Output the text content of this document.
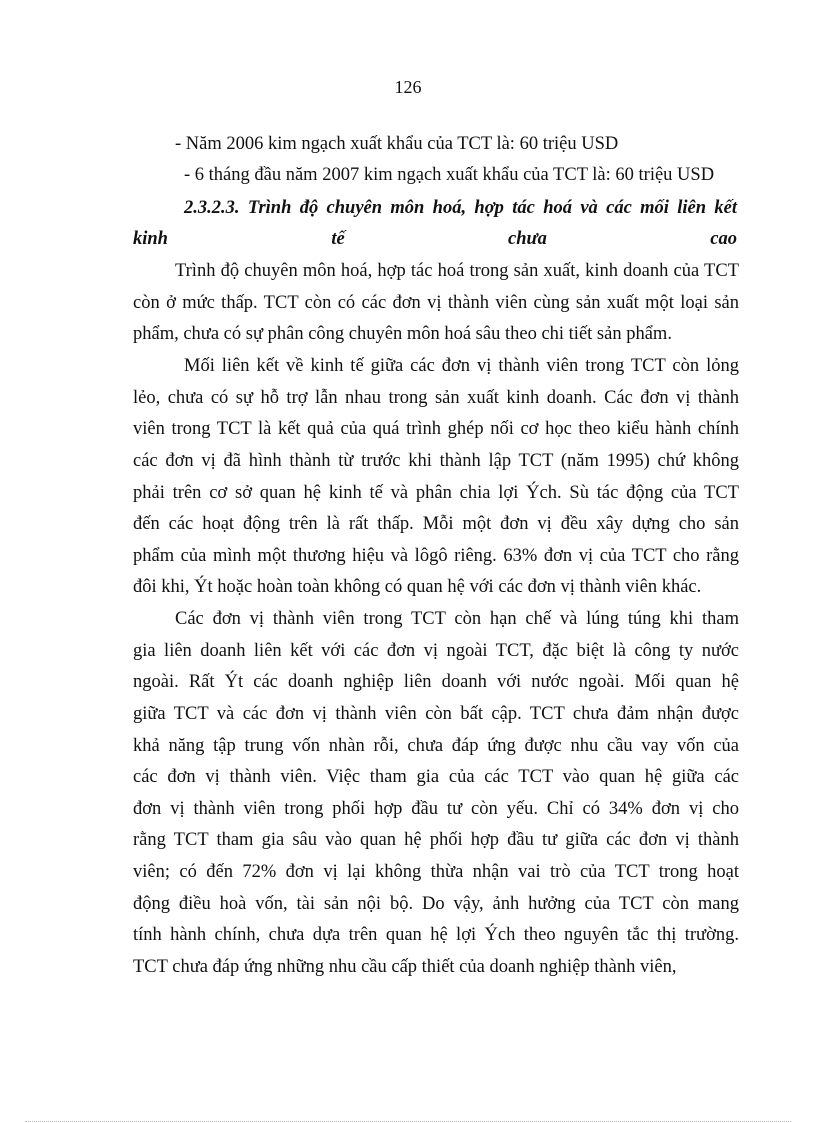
126
- Năm 2006 kim ngạch xuất khẩu của TCT là: 60 triệu USD
- 6 tháng đầu năm 2007 kim ngạch xuất khẩu của TCT là: 60 triệu USD
2.3.2.3. Trình độ chuyên môn hoá, hợp tác hoá và các mối liên kết
kinh	tế	chưa	cao
Trình độ chuyên môn hoá, hợp tác hoá trong sản xuất, kinh doanh của TCT
còn ở mức thấp. TCT còn có các đơn vị thành viên cùng sản xuất một loại sản
phẩm, chưa có sự phân công chuyên môn hoá sâu theo chi tiết sản phẩm.
Mối liên kết về kinh tế giữa các đơn vị thành viên trong TCT còn lỏng
lẻo, chưa có sự hỗ trợ lẫn nhau trong sản xuất kinh doanh. Các đơn vị thành
viên trong TCT là kết quả của quá trình ghép nối cơ học theo kiểu hành chính
các đơn vị đã hình thành từ trước khi thành lập TCT (năm 1995) chứ không
phải trên cơ sở quan hệ kinh tế và phân chia lợi Ých. Sù tác động của TCT
đến các hoạt động trên là rất thấp. Mỗi một đơn vị đều xây dựng cho sản
phẩm của mình một thương hiệu và lôgô riêng. 63% đơn vị của TCT cho rằng
đôi khi, Ýt hoặc hoàn toàn không có quan hệ với các đơn vị thành viên khác.
Các đơn vị thành viên trong TCT còn hạn chế và lúng túng khi tham
gia liên doanh liên kết với các đơn vị ngoài TCT, đặc biệt là công ty nước
ngoài. Rất Ýt các doanh nghiệp liên doanh với nước ngoài. Mối quan hệ
giữa TCT và các đơn vị thành viên còn bất cập. TCT chưa đảm nhận được
khả năng tập trung vốn nhàn rỗi, chưa đáp ứng được nhu cầu vay vốn của
các đơn vị thành viên. Việc tham gia của các TCT vào quan hệ giữa các
đơn vị thành viên trong phối hợp đầu tư còn yếu. Chỉ có 34% đơn vị cho
rằng TCT tham gia sâu vào quan hệ phối hợp đầu tư giữa các đơn vị thành
viên; có đến 72% đơn vị lại không thừa nhận vai trò của TCT trong hoạt
động điều hoà vốn, tài sản nội bộ. Do vậy, ảnh hưởng của TCT còn mang
tính hành chính, chưa dựa trên quan hệ lợi Ých theo nguyên tắc thị trường.
TCT chưa đáp ứng những nhu cầu cấp thiết của doanh nghiệp thành viên,
